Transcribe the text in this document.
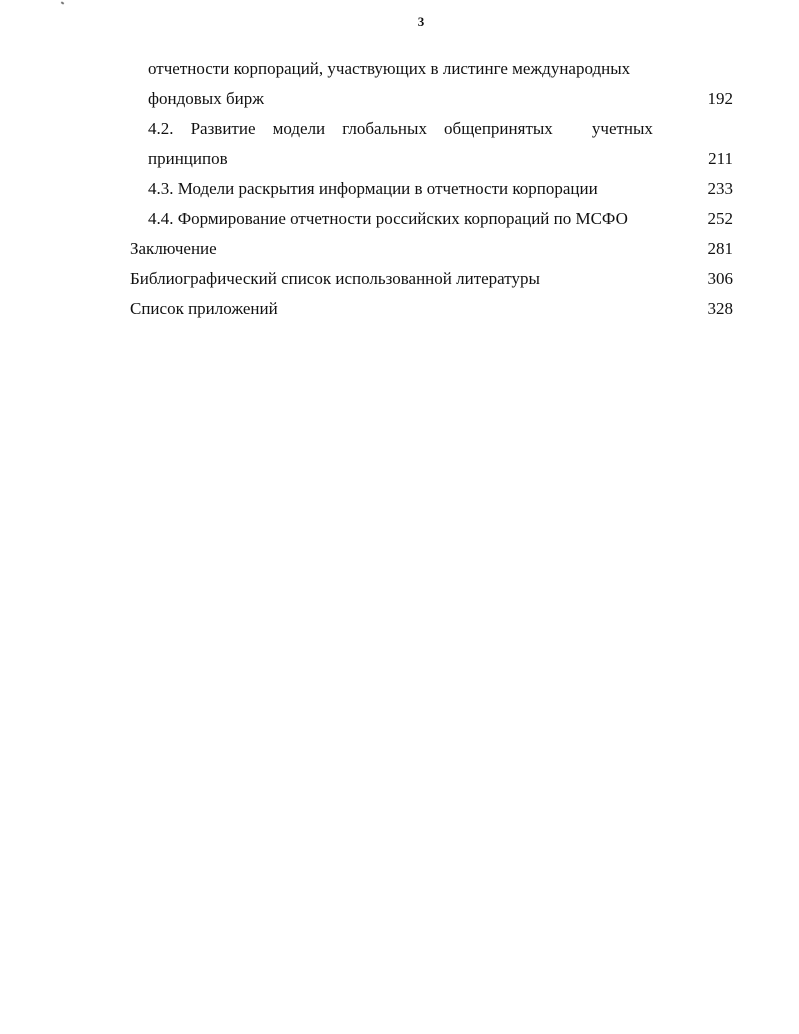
3
отчетности корпораций, участвующих в листинге международных
фондовых бирж	192
4.2. Развитие модели глобальных общепринятых учетных
принципов	211
4.3. Модели раскрытия информации в отчетности корпорации	233
4.4. Формирование отчетности российских корпораций по МСФО	252
Заключение	281
Библиографический список использованной литературы	306
Список приложений	328
